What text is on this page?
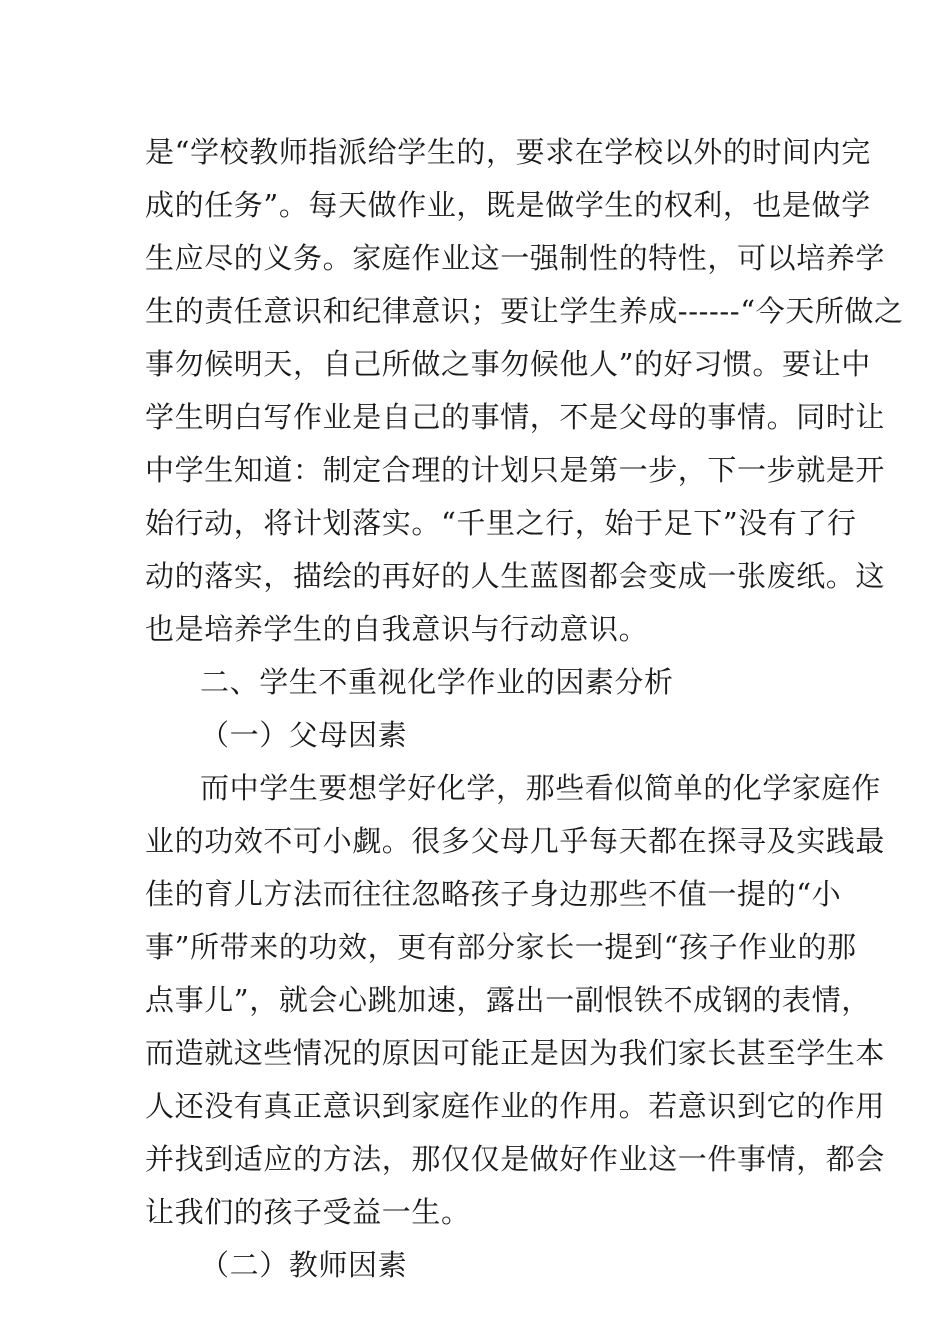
是“学校教师指派给学生的，要求在学校以外的时间内完
成的任务”。每天做作业，既是做学生的权利，也是做学
生应尽的义务。家庭作业这一强制性的特性，可以培养学
生的责任意识和纪律意识；要让学生养成------“今天所做之
事勿候明天，自己所做之事勿候他人”的好习惯。要让中
学生明白写作业是自己的事情，不是父母的事情。同时让
中学生知道：制定合理的计划只是第一步，下一步就是开
始行动，将计划落实。“千里之行，始于足下”没有了行
动的落实，描绘的再好的人生蓝图都会变成一张废纸。这
也是培养学生的自我意识与行动意识。
二、学生不重视化学作业的因素分析
（一）父母因素
而中学生要想学好化学，那些看似简单的化学家庭作
业的功效不可小觑。很多父母几乎每天都在探寻及实践最
佳的育儿方法而往往忽略孩子身边那些不值一提的“小
事”所带来的功效，更有部分家长一提到“孩子作业的那
点事儿”，就会心跳加速，露出一副恨铁不成钢的表情，
而造就这些情况的原因可能正是因为我们家长甚至学生本
人还没有真正意识到家庭作业的作用。若意识到它的作用
并找到适应的方法，那仅仅是做好作业这一件事情，都会
让我们的孩子受益一生。
（二）教师因素
